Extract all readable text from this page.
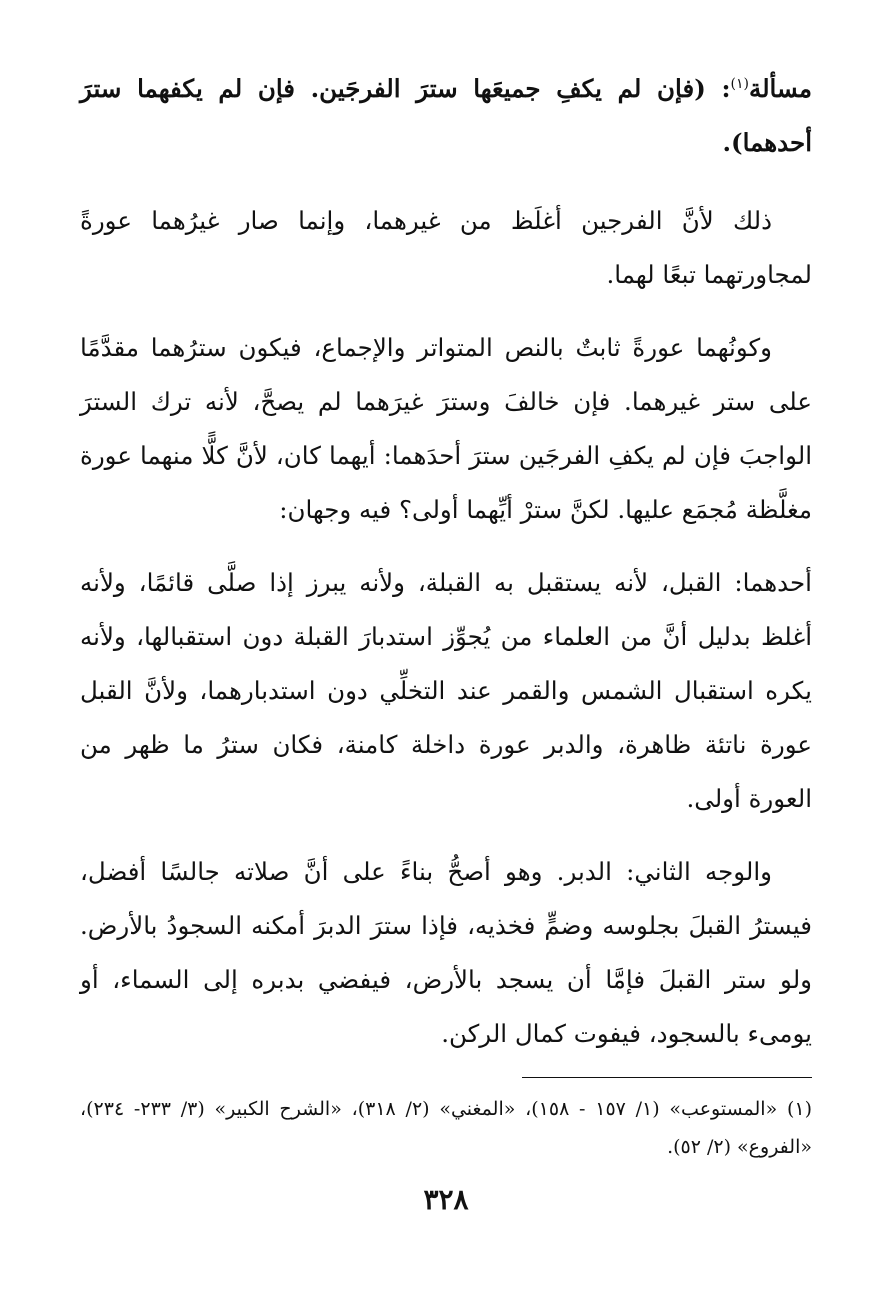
مسألة$^{(١)}$: (فإن لم يكفِ جميعَها سترَ الفرجَين. فإن لم يكفهما سترَ أحدهما).

ذلك لأنَّ الفرجين أغلَظ من غيرهما، وإنما صار غيرُهما عورةً لمجاورتهما تبعًا لهما.

وكونُهما عورةً ثابتٌ بالنص المتواتر والإجماع، فيكون سترُهما مقدَّمًا على ستر غيرهما. فإن خالفَ وسترَ غيرَهما لم يصحَّ، لأنه ترك السترَ الواجبَ فإن لم يكفِ الفرجَين سترَ أحدَهما: أيهما كان، لأنَّ كلًّا منهما عورة مغلَّظة مُجمَع عليها. لكنَّ سترْ أيِّهما أولى؟ فيه وجهان:

أحدهما: القبل، لأنه يستقبل به القبلة، ولأنه يبرز إذا صلَّى قائمًا، ولأنه أغلظ بدليل أنَّ من العلماء من يُجوِّز استدبارَ القبلة دون استقبالها، ولأنه يكره استقبال الشمس والقمر عند التخلِّي دون استدبارهما، ولأنَّ القبل عورة ناتئة ظاهرة، والدبر عورة داخلة كامنة، فكان سترُ ما ظهر من العورة أولى.

والوجه الثاني: الدبر. وهو أصحُّ بناءً على أنَّ صلاته جالسًا أفضل، فيسترُ القبلَ بجلوسه وضمٍّ فخذيه، فإذا سترَ الدبرَ أمكنه السجودُ بالأرض. ولو ستر القبلَ فإمَّا أن يسجد بالأرض، فيفضي بدبره إلى السماء، أو يومىء بالسجود، فيفوت كمال الركن.

(١) «المستوعب» (١/ ١٥٧ - ١٥٨)، «المغني» (٢/ ٣١٨)، «الشرح الكبير» (٣/ ٢٣٣- ٢٣٤)، «الفروع» (٢/ ٥٢).
٣٢٨
